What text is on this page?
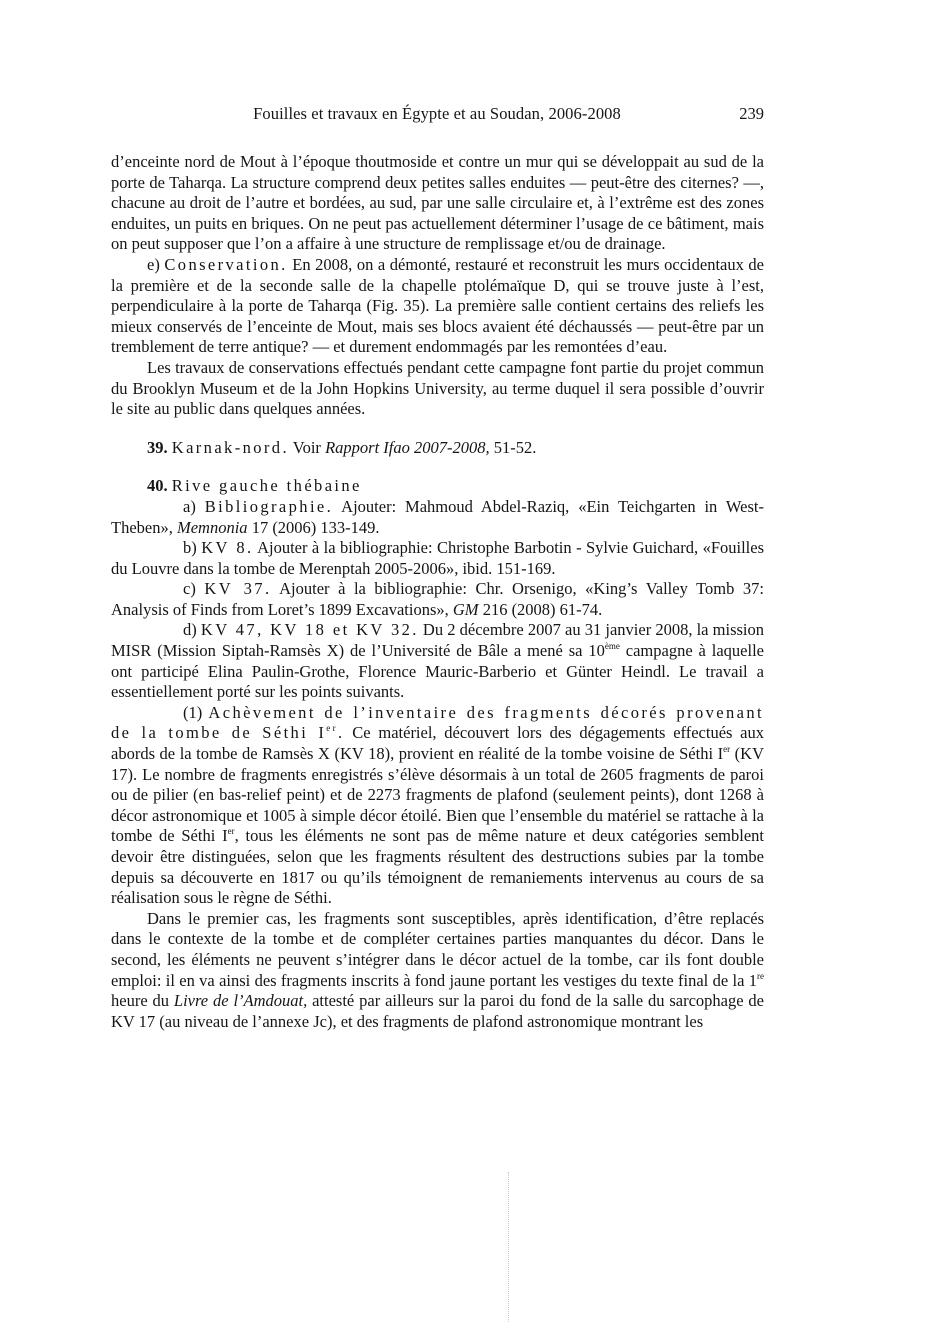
Fouilles et travaux en Égypte et au Soudan, 2006-2008	239

d’enceinte nord de Mout à l’époque thoutmoside et contre un mur qui se développait au sud de la porte de Taharqa. La structure comprend deux petites salles enduites — peut-être des citernes? —, chacune au droit de l’autre et bordées, au sud, par une salle circulaire et, à l’extrême est des zones enduites, un puits en briques. On ne peut pas actuellement déterminer l’usage de ce bâtiment, mais on peut supposer que l’on a affaire à une structure de remplissage et/ou de drainage.

e) Conservation. En 2008, on a démonté, restauré et reconstruit les murs occidentaux de la première et de la seconde salle de la chapelle ptolémaïque D, qui se trouve juste à l’est, perpendiculaire à la porte de Taharqa (Fig. 35). La première salle contient certains des reliefs les mieux conservés de l’enceinte de Mout, mais ses blocs avaient été déchaussés — peut-être par un tremblement de terre antique? — et durement endommagés par les remontées d’eau.

Les travaux de conservations effectués pendant cette campagne font partie du projet commun du Brooklyn Museum et de la John Hopkins University, au terme duquel il sera possible d’ouvrir le site au public dans quelques années.

39. Karnak-nord. Voir Rapport Ifao 2007-2008, 51-52.

40. Rive gauche thébaine

a) Bibliographie. Ajouter: Mahmoud Abdel-Raziq, «Ein Teichgarten in West-Theben», Memnonia 17 (2006) 133-149.

b) KV 8. Ajouter à la bibliographie: Christophe Barbotin - Sylvie Guichard, «Fouilles du Louvre dans la tombe de Merenptah 2005-2006», ibid. 151-169.

c) KV 37. Ajouter à la bibliographie: Chr. Orsenigo, «King’s Valley Tomb 37: Analysis of Finds from Loret’s 1899 Excavations», GM 216 (2008) 61-74.

d) KV 47, KV 18 et KV 32. Du 2 décembre 2007 au 31 janvier 2008, la mission MISR (Mission Siptah-Ramsès X) de l’Université de Bâle a mené sa 10ème campagne à laquelle ont participé Elina Paulin-Grothe, Florence Mauric-Barberio et Günter Heindl. Le travail a essentiellement porté sur les points suivants.

(1) Achèvement de l’inventaire des fragments décorés provenant de la tombe de Séthi Ier. Ce matériel, découvert lors des dégagements effectués aux abords de la tombe de Ramsès X (KV 18), provient en réalité de la tombe voisine de Séthi Ier (KV 17). Le nombre de fragments enregistrés s’élève désormais à un total de 2605 fragments de paroi ou de pilier (en bas-relief peint) et de 2273 fragments de plafond (seulement peints), dont 1268 à décor astronomique et 1005 à simple décor étoilé. Bien que l’ensemble du matériel se rattache à la tombe de Séthi Ier, tous les éléments ne sont pas de même nature et deux catégories semblent devoir être distinguées, selon que les fragments résultent des destructions subies par la tombe depuis sa découverte en 1817 ou qu’ils témoignent de remaniements intervenus au cours de sa réalisation sous le règne de Séthi.

Dans le premier cas, les fragments sont susceptibles, après identification, d’être replacés dans le contexte de la tombe et de compléter certaines parties manquantes du décor. Dans le second, les éléments ne peuvent s’intégrer dans le décor actuel de la tombe, car ils font double emploi: il en va ainsi des fragments inscrits à fond jaune portant les vestiges du texte final de la 1re heure du Livre de l’Amdouat, attesté par ailleurs sur la paroi du fond de la salle du sarcophage de KV 17 (au niveau de l’annexe Jc), et des fragments de plafond astronomique montrant les
